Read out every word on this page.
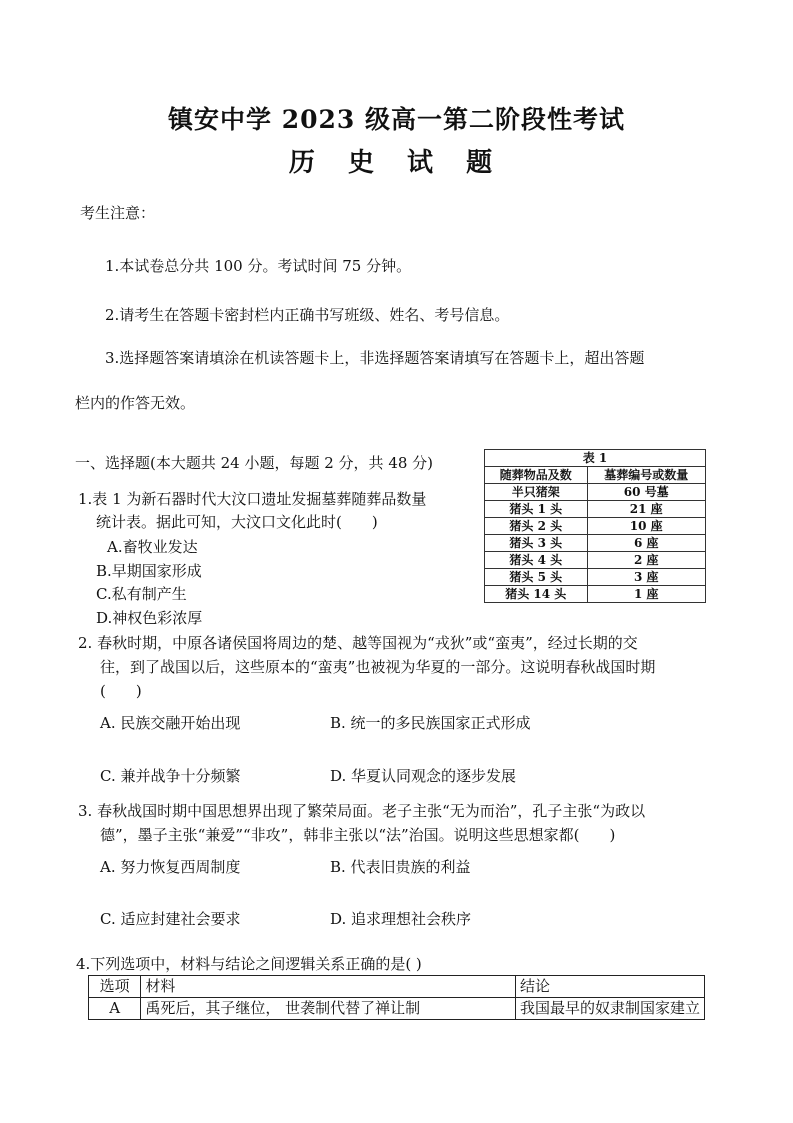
镇安中学 2023 级高一第二阶段性考试
历 史 试 题
考生注意：
1.本试卷总分共 100 分。考试时间 75 分钟。
2.请考生在答题卡密封栏内正确书写班级、姓名、考号信息。
3.选择题答案请填涂在机读答题卡上，非选择题答案请填写在答题卡上，超出答题
栏内的作答无效。
一、选择题(本大题共 24 小题，每题 2 分，共 48 分)
1.表 1 为新石器时代大汶口遗址发掘墓葬随葬品数量
统计表。据此可知，大汶口文化此时(　　)
A.畜牧业发达
B.早期国家形成
C.私有制产生
D.神权色彩浓厚
表 1	
随葬物品及数	墓葬编号或数量
半只猪架	60 号墓
猪头 1 头	21 座
猪头 2 头	10 座
猪头 3 头	6 座
猪头 4 头	2 座
猪头 5 头	3 座
猪头 14 头	1 座
2. 春秋时期，中原各诸侯国将周边的楚、越等国视为“戎狄”或“蛮夷”，经过长期的交
往，到了战国以后，这些原本的“蛮夷”也被视为华夏的一部分。这说明春秋战国时期
(　　)
A. 民族交融开始出现	B. 统一的多民族国家正式形成
C. 兼并战争十分频繁	D. 华夏认同观念的逐步发展
3. 春秋战国时期中国思想界出现了繁荣局面。老子主张“无为而治”，孔子主张“为政以
德”，墨子主张“兼爱”“非攻”，韩非主张以“法”治国。说明这些思想家都(　　)
A. 努力恢复西周制度	B. 代表旧贵族的利益
C. 适应封建社会要求	D. 追求理想社会秩序
4.下列选项中，材料与结论之间逻辑关系正确的是( )
选项	材料	结论
A	禹死后，其子继位， 世袭制代替了禅让制	我国最早的奴隶制国家建立
